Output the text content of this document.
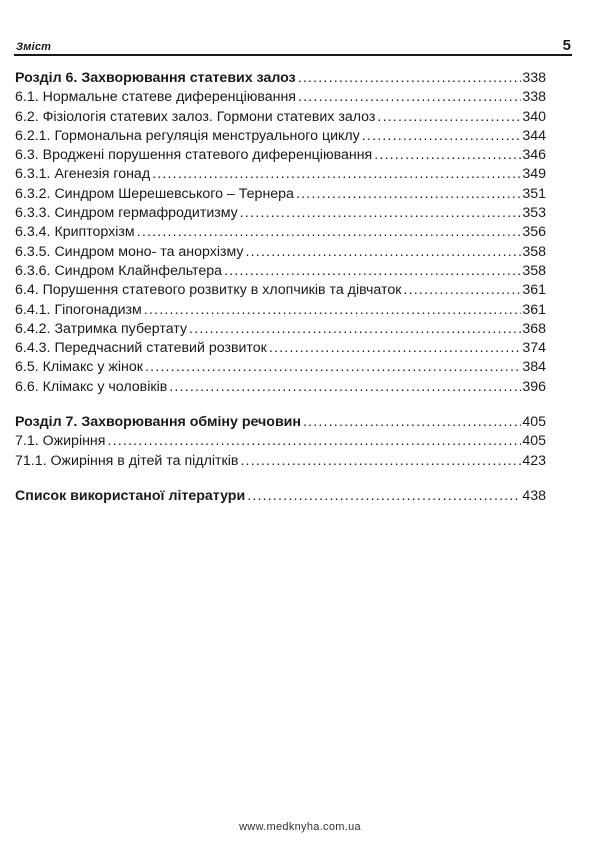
Зміст	5
Розділ 6. Захворювання статевих залоз .....	338
6.1. Нормальне статеве диференціювання .....	338
6.2. Фізіологія статевих залоз. Гормони статевих залоз .....	340
6.2.1. Гормональна регуляція менструального циклу .....	344
6.3. Вроджені порушення статевого диференціювання .....	346
6.3.1. Агенезія гонад .....	349
6.3.2. Синдром Шерешевського – Тернера .....	351
6.3.3. Синдром гермафродитизму .....	353
6.3.4. Крипторхізм .....	356
6.3.5. Синдром моно- та анорхізму .....	358
6.3.6. Синдром Клайнфельтера .....	358
6.4. Порушення статевого розвитку в хлопчиків та дівчаток .....	361
6.4.1. Гіпогонадизм .....	361
6.4.2. Затримка пубертату .....	368
6.4.3. Передчасний статевий розвиток .....	374
6.5. Клімакс у жінок .....	384
6.6. Клімакс у чоловіків .....	396
Розділ 7. Захворювання обміну речовин .....	405
7.1. Ожиріння .....	405
71.1. Ожиріння в дітей та підлітків .....	423
Список використаної літератури .....	438
www.medknyha.com.ua
